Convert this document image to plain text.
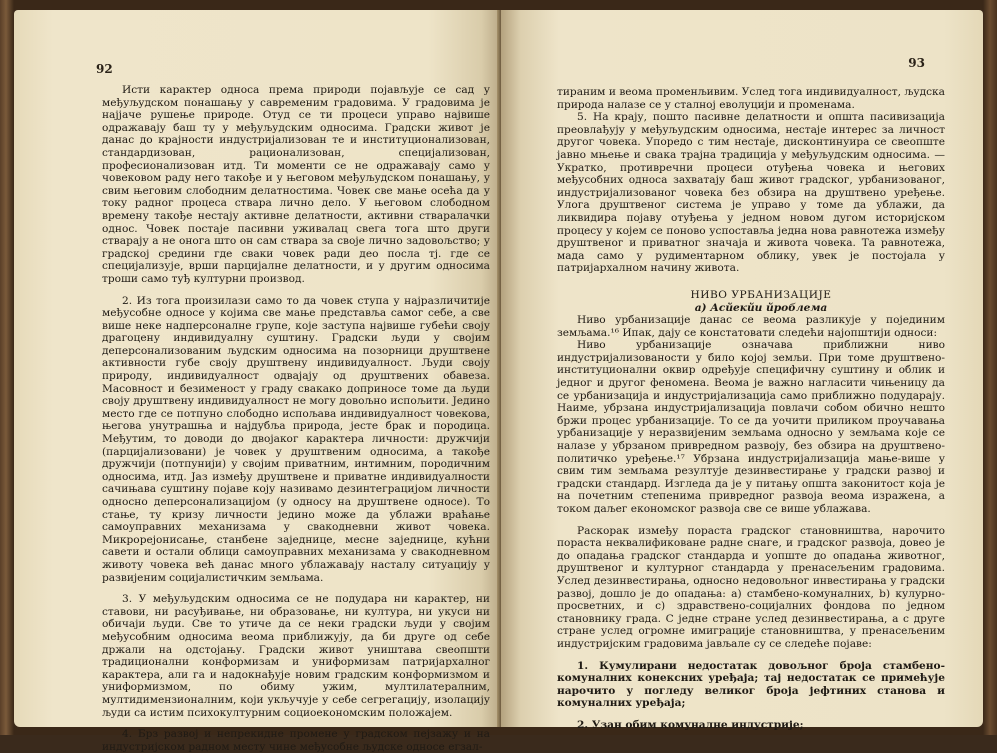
92

Исти карактер односа према природи појављује се сад у међуљудском понашању у савременим градовима. У градовима је најјаче рушење природе. Отуд се ти процеси управо највише одражавају баш ту у међуљудским односима. Градски живот је данас до крајности индустријализован те и институционализован, стандардизован, рационализован, специјализован, професионализован итд. Ти моменти се не одражавају само у човековом раду него такође и у његовом међуљудском понашању, у свим његовим слободним делатностима. Човек све мање осећа да у току радног процеса ствара лично дело. У његовом слободном времену такође нестају активне делатности, активни стваралачки однос. Човек постаје пасивни уживалац свега тога што други стварају а не онога што он сам ствара за своје лично задовољство; у градској средини где сваки човек ради део посла тј. где се специјализује, врши парцијалне делатности, и у другим односима троши само туђ културни производ.

2. Из тога произилази само то да човек ступа у најразличитије међусобне односе у којима све мање представља самог себе, а све више неке надперсоналне групе, које заступа највише губећи своју драгоцену индивидуалну суштину. Градски људи у својим деперсонализованим људским односима на позорници друштвене активности губе своју друштвену индивидуалност. Људи своју природу, индивидуалност одвајају од друштвених обавеза. Масовност и безименост у граду свакако доприносе томе да људи своју друштвену индивидуалност не могу довољно испољити. Једино место где се потпуно слободно испољава индивидуалност човекова, његова унутрашња и најдубља природа, јесте брак и породица. Међутим, то доводи до двојаког карактера личности: дружчији (парцијализовани) је човек у друштвеним односима, а такође дружчији (потпунији) у својим приватним, интимним, породичним односима, итд. Јаз између друштвене и приватне индивидуалности сачињава суштину појаве коју називамо дезинтеграцијом личности односно деперсонализацијом (у односу на друштвене односе). То стање, ту кризу личности једино може да ублажи враћање самоуправних механизама у свакодневни живот човека. Микрорејонисање, станбене заједнице, месне заједнице, кућни савети и остали облици самоуправних механизама у свакодневном животу човека већ данас много ублажавају насталу ситуацију у развијеним социјалистичким земљама.

3. У међуљудским односима се не подудара ни карактер, ни ставови, ни расуђивање, ни образовање, ни култура, ни укуси ни обичаји људи. Све то утиче да се неки градски људи у својим међусобним односима веома приближују, да би друге од себе држали на одстојању. Градски живот уништава свеопшти традиционални конформизам и униформизам патријархалног карактера, али га и надокнађује новим градским конформизмом и униформизмом, по обиму ужим, мултилатералним, мултидимензионалним, који укључује у себе сегрегацију, изолацију људи са истим психокултурним социоекономским положајем.

4. Брз развој и непрекидне промене у градском пејзажу и на индустријском радном месту чине међусобне људске односе егзал-

93

тираним и веома променљивим. Услед тога индивидуалност, људска природа налазе се у сталној еволуцији и променама.

5. На крају, пошто пасивне делатности и општа пасивизација преовлађују у међуљудским односима, нестаје интерес за личност другог човека. Упоредо с тим нестаје, дисконтинуира се свеопште јавно мњење и свака трајна традиција у међуљудским односима. — Укратко, противречни процеси отуђења човека и његових међусобних односа захватају баш живот градског, урбанизованог, индустријализованог човека без обзира на друштвено уређење. Улога друштвеног система је управо у томе да ублажи, да ликвидира појаву отуђења у једном новом дугом историјском процесу у којем се поново успоставља једна нова равнотежа између друштвеног и приватног значаја и живота човека. Та равнотежа, мада само у рудиментарном облику, увек је постојала у патријархалном начину живота.

НИВО УРБАНИЗАЦИЈЕ

а) Асйекйи йроблема

Ниво урбанизације данас се веома разликује у појединим земљама.¹⁶ Ипак, дају се констатовати следећи најопштији односи:

Ниво урбанизације означава приближни ниво индустријализованости у било којој земљи. При томе друштвено-институционални оквир одређује специфичну суштину и облик и једног и другог феномена. Веома је важно нагласити чињеницу да се урбанизација и индустријализација само приближно подударају. Наиме, убрзана индустријализација повлачи собом обично нешто бржи процес урбанизације. То се да уочити приликом проучавања урбанизације у неразвијеним земљама односно у земљама које се налазе у убрзаном привредном развоју, без обзира на друштвено-политичко уређење.¹⁷ Убрзана индустријализација мање-више у свим тим земљама резултује дезинвестирање у градски развој и градски стандард. Изгледа да је у питању општа законитост која је на почетним степенима привредног развоја веома изражена, а током даљег економског развоја све се више ублажава.

Раскорак између пораста градског становништва, нарочито пораста неквалификоване радне снаге, и градског развоја, довео је до опадања градског стандарда и уопште до опадања животног, друштвеног и културног стандарда у пренасељеним градовима. Услед дезинвестирања, односно недовољног инвестирања у градски развој, дошло је до опадања: а) стамбено-комуналних, b) кулурно-просветних, и c) здравствено-социјалних фондова по једном становнику града. С једне стране услед дезинвестирања, а с друге стране услед огромне имиграције становништва, у пренасељеним индустријским градовима јављале су се следеће појаве:

1. Кумулирани недостатак довољног броја стамбено-комуналних конексних уређаја; тај недостатак се примећује нарочито у погледу великог броја јефтиних станова и комуналних уређаја;

2. Узан обим комуналне индустрије;
